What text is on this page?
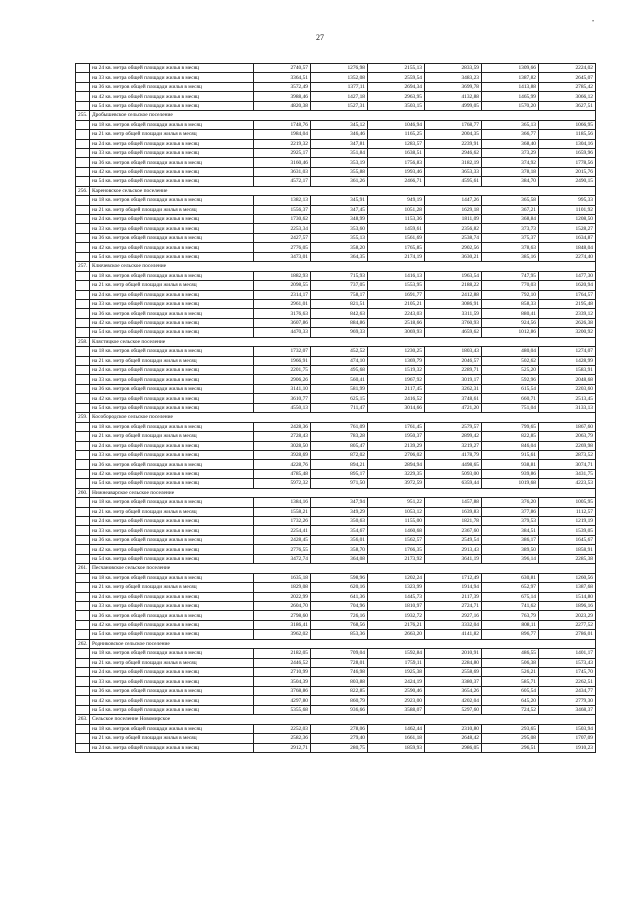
27
•
	на 24 кв. метра общей площади жилья в месяц	2740,57	1276,98	2155,13	2833,59	1309,66	2224,02
	на 33 кв. метра общей площади жилья в месяц	3364,51	1352,08	2559,54	3483,23	1387,82	2645,07
	на 36 кв. метров общей площади жилья в месяц	3572,49	1377,11	2694,34	3699,78	1413,88	2785,42
	на 42 кв. метра общей площади жилья в месяц	3988,46	1427,18	2963,95	4132,88	1465,99	3066,12
	на 54 кв. метра общей площади жилья в месяц	4820,38	1527,31	3503,15	4999,05	1570,20	3627,51
255.	Дробышевское сельское поселение						
	на 18 кв. метров общей площади жилья в месяц	1748,76	345,12	1046,94	1768,77	365,13	1066,95
	на 21 кв. метр общей площади жилья в месяц	1984,04	346,46	1165,25	2004,35	366,77	1185,56
	на 24 кв. метра общей площади жилья в месяц	2219,32	347,81	1283,57	2239,91	368,40	1304,16
	на 33 кв. метра общей площади жилья в месяц	2925,17	351,84	1638,51	2946,62	373,29	1659,96
	на 36 кв. метров общей площади жилья в месяц	3160,46	353,19	1756,83	3182,19	374,92	1778,56
	на 42 кв. метра общей площади жилья в месяц	3631,03	355,88	1993,46	3653,33	378,18	2015,76
	на 54 кв. метра общей площади жилья в месяц	4572,17	361,26	2466,71	4595,61	384,70	2490,15
256.	Кареновское сельское поселение						
	на 18 кв. метров общей площади жилья в месяц	1382,13	345,91	949,19	1447,26	365,58	995,33
	на 21 кв. метр общей площади жилья в месяц	1556,37	347,45	1051,28	1629,18	367,21	1101,92
	на 24 кв. метра общей площади жилья в месяц	1730,62	348,99	1153,36	1811,09	368,84	1208,50
	на 33 кв. метра общей площади жилья в месяц	2253,34	353,60	1459,61	2356,82	373,73	1528,27
	на 36 кв. метров общей площади жилья в месяц	2427,57	355,13	1561,69	2538,74	375,37	1634,87
	на 42 кв. метра общей площади жилья в месяц	2776,05	358,20	1765,85	2902,56	378,63	1848,04
	на 54 кв. метра общей площади жилья в месяц	3473,01	364,35	2174,19	3630,21	385,16	2274,40
257.	Ключевское сельское поселение						
	на 18 кв. метров общей площади жилья в месяц	1882,93	715,93	1416,13	1963,54	747,95	1477,30
	на 21 кв. метр общей площади жилья в месяц	2098,55	737,05	1553,95	2188,22	770,03	1620,94
	на 24 кв. метра общей площади жилья в месяц	2314,17	758,17	1691,77	2412,88	792,10	1764,57
	на 33 кв. метра общей площади жилья в месяц	2961,01	821,51	2105,21	3086,91	858,33	2195,48
	на 36 кв. метров общей площади жилья в месяц	3176,63	842,63	2243,03	3311,59	880,41	2339,12
	на 42 кв. метра общей площади жилья в месяц	3607,86	884,86	2518,66	3760,93	924,56	2626,38
	на 54 кв. метра общей площади жилья в месяц	4470,33	969,33	3069,93	4659,62	1012,86	3200,92
258.	Клястицкое сельское поселение						
	на 18 кв. метров общей площади жилья в месяц	1732,07	452,52	1230,25	1803,43	480,04	1274,07
	на 21 кв. метр общей площади жилья в месяц	1966,91	474,10	1369,79	2046,57	502,62	1428,99
	на 24 кв. метра общей площади жилья в месяц	2201,75	495,68	1519,32	2289,71	525,20	1583,91
	на 33 кв. метра общей площади жилья в месяц	2906,26	560,41	1967,92	3019,17	592,96	2048,68
	на 36 кв. метров общей площади жилья в месяц	3141,10	581,99	2117,45	3262,31	615,54	2203,60
	на 42 кв. метра общей площади жилья в месяц	3610,77	625,15	2416,52	3748,61	660,71	2513,45
	на 54 кв. метра общей площади жилья в месяц	4550,13	711,47	3014,66	4721,20	751,04	3133,13
259.	Кособородское сельское поселение						
	на 18 кв. метров общей площади жилья в месяц	2428,36	761,09	1761,45	2579,57	799,65	1867,60
	на 21 кв. метр общей площади жилья в месяц	2728,43	783,28	1950,37	2899,42	822,85	2063,79
	на 24 кв. метра общей площади жилья в месяц	3028,50	805,47	2139,29	3219,27	846,04	2269,98
	на 33 кв. метра общей площади жилья в месяц	3928,69	872,02	2706,02	4178,79	915,61	2873,52
	на 36 кв. метров общей площади жилья в месяц	4228,76	894,21	2894,94	4498,65	938,81	3074,71
	на 42 кв. метра общей площади жилья в месяц	4785,48	895,17	3229,35	5093,00	939,86	3431,75
	на 54 кв. метра общей площади жилья в месяц	5972,32	971,50	3972,59	6359,44	1019,68	4223,53
260.	Нижнеаварское сельское поселение						
	на 18 кв. метров общей площади жилья в месяц	1384,16	347,94	951,22	1457,88	376,20	1005,95
	на 21 кв. метр общей площади жилья в месяц	1558,21	349,29	1053,12	1639,83	377,86	1112,57
	на 24 кв. метра общей площади жилья в месяц	1732,26	350,63	1155,00	1821,78	379,53	1219,19
	на 33 кв. метра общей площади жилья в месяц	2254,41	354,67	1460,68	2367,60	384,51	1539,05
	на 36 кв. метров общей площади жилья в месяц	2428,45	356,01	1562,57	2549,54	386,17	1645,67
	на 42 кв. метра общей площади жилья в месяц	2776,55	358,70	1766,35	2913,43	389,50	1858,91
	на 54 кв. метра общей площади жилья в месяц	3472,74	364,08	2173,92	3641,19	396,14	2285,38
261.	Песчановское сельское поселение						
	на 18 кв. метров общей площади жилья в месяц	1635,18	598,96	1202,24	1712,49	630,81	1260,56
	на 21 кв. метр общей площади жилья в месяц	1829,08	620,16	1323,99	1914,94	652,97	1387,68
	на 24 кв. метра общей площади жилья в месяц	2022,99	641,36	1445,73	2117,39	675,14	1514,80
	на 33 кв. метра общей площади жилья в месяц	2604,70	704,96	1810,97	2724,71	741,62	1896,16
	на 36 кв. метров общей площади жилья в месяц	2798,60	726,16	1932,72	2927,16	763,79	2023,29
	на 42 кв. метра общей площади жилья в месяц	3186,41	768,56	2176,21	3332,04	808,11	2277,52
	на 54 кв. метра общей площади жилья в месяц	3962,02	853,36	2663,20	4141,82	896,77	2786,01
262.	Родниковское сельское поселение						
	на 18 кв. метров общей площади жилья в месяц	2182,05	709,04	1592,84	2010,91	486,55	1401,17
	на 21 кв. метр общей площади жилья в месяц	2446,52	728,01	1759,11	2284,80	506,38	1573,43
	на 24 кв. метра общей площади жилья в месяц	2710,99	746,98	1925,38	2558,69	526,21	1745,70
	на 33 кв. метра общей площади жилья в месяц	3504,39	803,88	2424,19	3380,37	585,71	2262,51
	на 36 кв. метров общей площади жилья в месяц	3768,86	822,85	2590,46	3654,26	605,54	2434,77
	на 42 кв. метра общей площади жилья в месяц	4297,80	860,79	2923,00	4202,04	645,20	2779,30
	на 54 кв. метра общей площади жилья в месяц	5355,68	936,66	3588,07	5297,60	724,52	3468,37
263.	Сельское поселение Новомирское						
	на 18 кв. метров общей площади жилья в месяц	2252,03	278,06	1462,44	2310,80	293,65	1503,94
	на 21 кв. метр общей площади жилья в месяц	2582,36	279,40	1661,18	2648,42	295,08	1707,09
	на 24 кв. метра общей площади жилья в месяц	2912,71	280,75	1859,93	2986,05	296,51	1910,23
